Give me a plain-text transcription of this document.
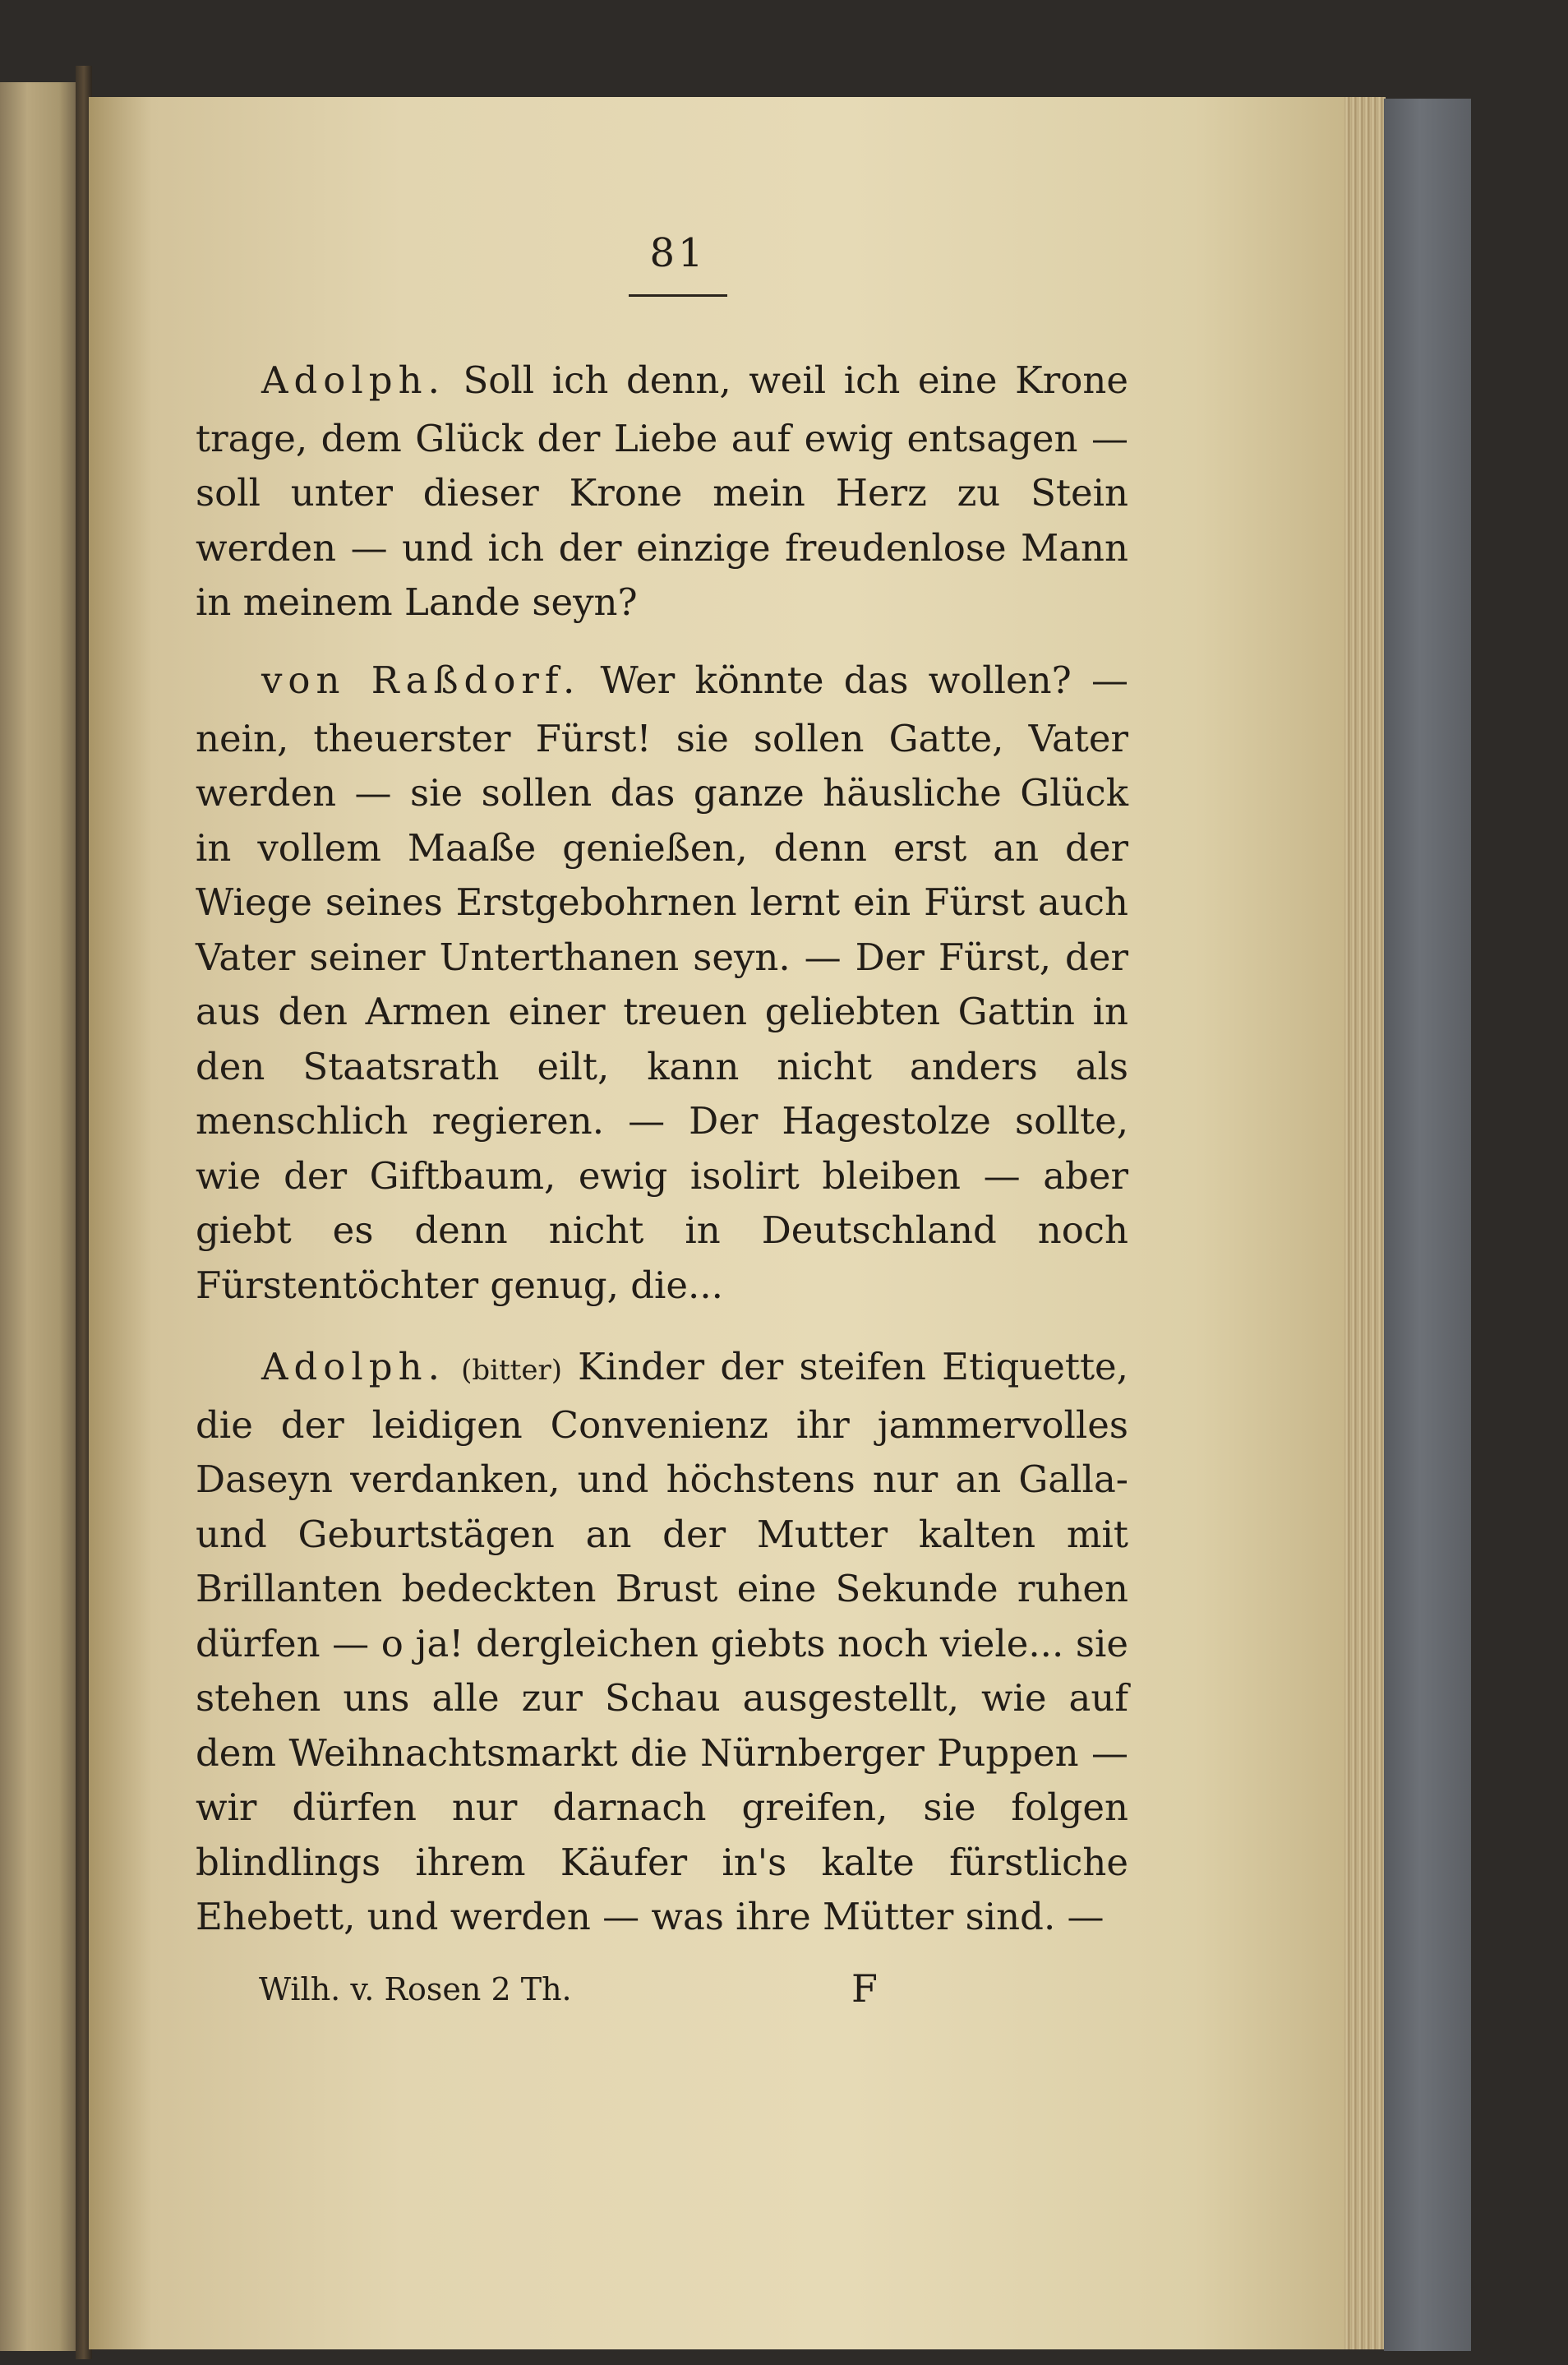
81

Adolph. Soll ich denn, weil ich eine Krone trage, dem Glück der Liebe auf ewig entsagen — soll unter dieser Krone mein Herz zu Stein werden — und ich der einzige freudenlose Mann in meinem Lande seyn?

von Raßdorf. Wer könnte das wollen? — nein, theuerster Fürst! sie sollen Gatte, Vater werden — sie sollen das ganze häusliche Glück in vollem Maaße genießen, denn erst an der Wiege seines Erstgebohrnen lernt ein Fürst auch Vater seiner Unterthanen seyn. — Der Fürst, der aus den Armen einer treuen geliebten Gattin in den Staatsrath eilt, kann nicht anders als menschlich regieren. — Der Hagestolze sollte, wie der Giftbaum, ewig isolirt bleiben — aber giebt es denn nicht in Deutschland noch Fürstentöchter genug, die...

Adolph. (bitter) Kinder der steifen Etiquette, die der leidigen Convenienz ihr jammervolles Daseyn verdanken, und höchstens nur an Galla- und Geburtstägen an der Mutter kalten mit Brillanten bedeckten Brust eine Sekunde ruhen dürfen — o ja! dergleichen giebts noch viele... sie stehen uns alle zur Schau ausgestellt, wie auf dem Weihnachtsmarkt die Nürnberger Puppen — wir dürfen nur darnach greifen, sie folgen blindlings ihrem Käufer in's kalte fürstliche Ehebett, und werden — was ihre Mütter sind. —

Wilh. v. Rosen 2 Th.	F
